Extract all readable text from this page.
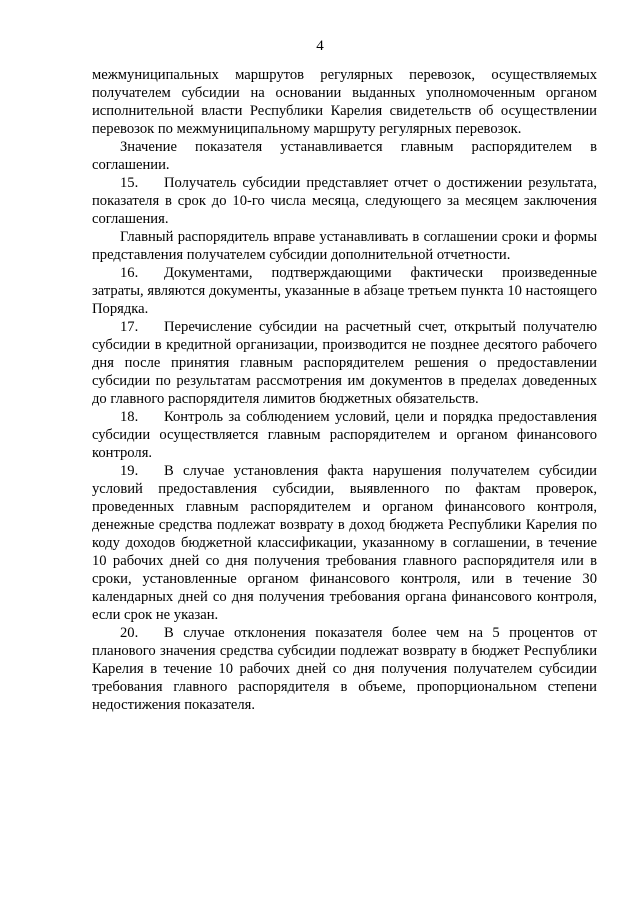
4

межмуниципальных маршрутов регулярных перевозок, осуществляемых получателем субсидии на основании выданных уполномоченным органом исполнительной власти Республики Карелия свидетельств об осуществлении перевозок по межмуниципальному маршруту регулярных перевозок.

Значение показателя устанавливается главным распорядителем в соглашении.

15. Получатель субсидии представляет отчет о достижении результата, показателя в срок до 10-го числа месяца, следующего за месяцем заключения соглашения.

Главный распорядитель вправе устанавливать в соглашении сроки и формы представления получателем субсидии дополнительной отчетности.

16. Документами, подтверждающими фактически произведенные затраты, являются документы, указанные в абзаце третьем пункта 10 настоящего Порядка.

17. Перечисление субсидии на расчетный счет, открытый получателю субсидии в кредитной организации, производится не позднее десятого рабочего дня после принятия главным распорядителем решения о предоставлении субсидии по результатам рассмотрения им документов в пределах доведенных до главного распорядителя лимитов бюджетных обязательств.

18. Контроль за соблюдением условий, цели и порядка предоставления субсидии осуществляется главным распорядителем и органом финансового контроля.

19. В случае установления факта нарушения получателем субсидии условий предоставления субсидии, выявленного по фактам проверок, проведенных главным распорядителем и органом финансового контроля, денежные средства подлежат возврату в доход бюджета Республики Карелия по коду доходов бюджетной классификации, указанному в соглашении, в течение 10 рабочих дней со дня получения требования главного распорядителя или в сроки, установленные органом финансового контроля, или в течение 30 календарных дней со дня получения требования органа финансового контроля, если срок не указан.

20. В случае отклонения показателя более чем на 5 процентов от планового значения средства субсидии подлежат возврату в бюджет Республики Карелия в течение 10 рабочих дней со дня получения получателем субсидии требования главного распорядителя в объеме, пропорциональном степени недостижения показателя.
